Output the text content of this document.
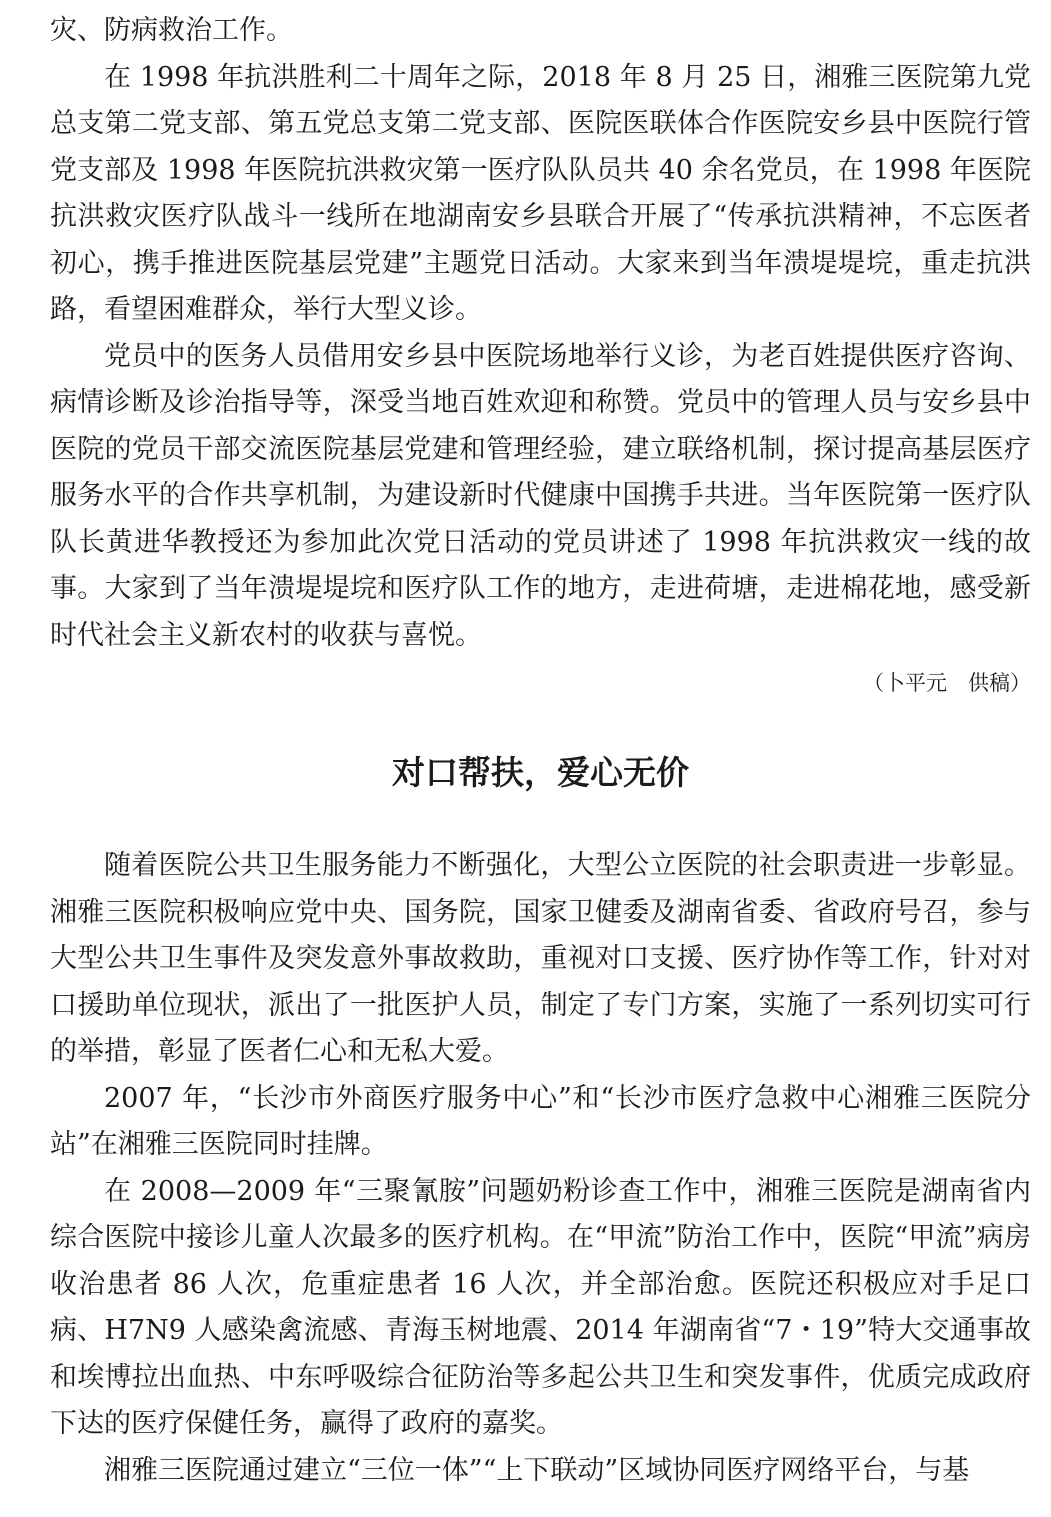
灾、防病救治工作。

在 1998 年抗洪胜利二十周年之际，2018 年 8 月 25 日，湘雅三医院第九党总支第二党支部、第五党总支第二党支部、医院医联体合作医院安乡县中医院行管党支部及 1998 年医院抗洪救灾第一医疗队队员共 40 余名党员，在 1998 年医院抗洪救灾医疗队战斗一线所在地湖南安乡县联合开展了“传承抗洪精神，不忘医者初心，携手推进医院基层党建”主题党日活动。大家来到当年溃堤堤垸，重走抗洪路，看望困难群众，举行大型义诊。

党员中的医务人员借用安乡县中医院场地举行义诊，为老百姓提供医疗咨询、病情诊断及诊治指导等，深受当地百姓欢迎和称赞。党员中的管理人员与安乡县中医院的党员干部交流医院基层党建和管理经验，建立联络机制，探讨提高基层医疗服务水平的合作共享机制，为建设新时代健康中国携手共进。当年医院第一医疗队队长黄进华教授还为参加此次党日活动的党员讲述了 1998 年抗洪救灾一线的故事。大家到了当年溃堤堤垸和医疗队工作的地方，走进荷塘，走进棉花地，感受新时代社会主义新农村的收获与喜悦。

（卜平元　供稿）

对口帮扶，爱心无价

随着医院公共卫生服务能力不断强化，大型公立医院的社会职责进一步彰显。湘雅三医院积极响应党中央、国务院，国家卫健委及湖南省委、省政府号召，参与大型公共卫生事件及突发意外事故救助，重视对口支援、医疗协作等工作，针对对口援助单位现状，派出了一批医护人员，制定了专门方案，实施了一系列切实可行的举措，彰显了医者仁心和无私大爱。

2007 年，“长沙市外商医疗服务中心”和“长沙市医疗急救中心湘雅三医院分站”在湘雅三医院同时挂牌。

在 2008—2009 年“三聚氰胺”问题奶粉诊查工作中，湘雅三医院是湖南省内综合医院中接诊儿童人次最多的医疗机构。在“甲流”防治工作中，医院“甲流”病房收治患者 86 人次，危重症患者 16 人次，并全部治愈。医院还积极应对手足口病、H7N9 人感染禽流感、青海玉树地震、2014 年湖南省“7・19”特大交通事故和埃博拉出血热、中东呼吸综合征防治等多起公共卫生和突发事件，优质完成政府下达的医疗保健任务，赢得了政府的嘉奖。

湘雅三医院通过建立“三位一体”“上下联动”区域协同医疗网络平台，与基
